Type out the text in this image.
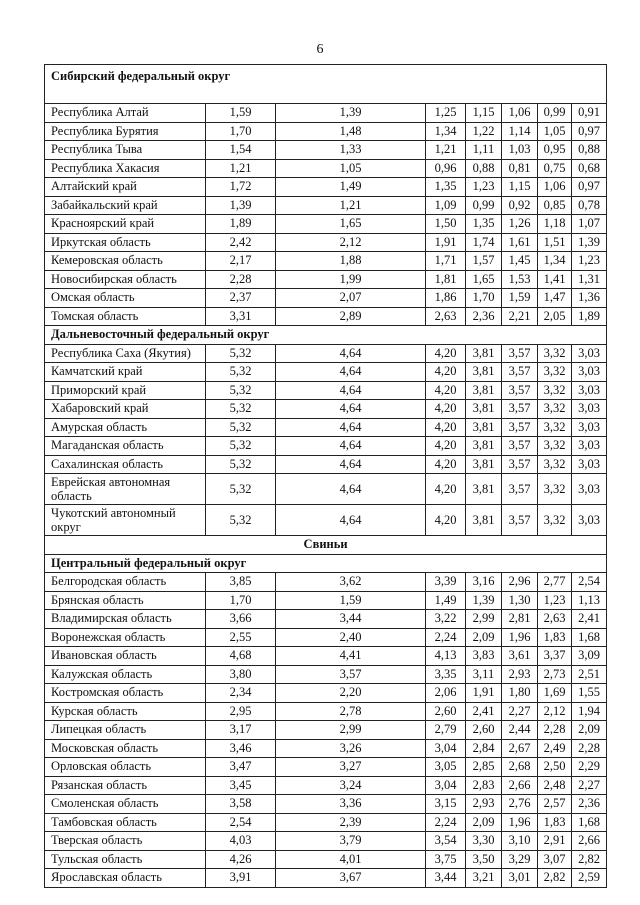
6
Сибирский федеральный округ							
Республика Алтай	1,59	1,39	1,25	1,15	1,06	0,99	0,91
Республика Бурятия	1,70	1,48	1,34	1,22	1,14	1,05	0,97
Республика Тыва	1,54	1,33	1,21	1,11	1,03	0,95	0,88
Республика Хакасия	1,21	1,05	0,96	0,88	0,81	0,75	0,68
Алтайский край	1,72	1,49	1,35	1,23	1,15	1,06	0,97
Забайкальский край	1,39	1,21	1,09	0,99	0,92	0,85	0,78
Красноярский край	1,89	1,65	1,50	1,35	1,26	1,18	1,07
Иркутская область	2,42	2,12	1,91	1,74	1,61	1,51	1,39
Кемеровская область	2,17	1,88	1,71	1,57	1,45	1,34	1,23
Новосибирская область	2,28	1,99	1,81	1,65	1,53	1,41	1,31
Омская область	2,37	2,07	1,86	1,70	1,59	1,47	1,36
Томская область	3,31	2,89	2,63	2,36	2,21	2,05	1,89
Дальневосточный федеральный округ							
Республика Саха (Якутия)	5,32	4,64	4,20	3,81	3,57	3,32	3,03
Камчатский край	5,32	4,64	4,20	3,81	3,57	3,32	3,03
Приморский край	5,32	4,64	4,20	3,81	3,57	3,32	3,03
Хабаровский край	5,32	4,64	4,20	3,81	3,57	3,32	3,03
Амурская область	5,32	4,64	4,20	3,81	3,57	3,32	3,03
Магаданская область	5,32	4,64	4,20	3,81	3,57	3,32	3,03
Сахалинская область	5,32	4,64	4,20	3,81	3,57	3,32	3,03
Еврейская автономная область	5,32	4,64	4,20	3,81	3,57	3,32	3,03
Чукотский автономный округ	5,32	4,64	4,20	3,81	3,57	3,32	3,03
Свиньи							
Центральный федеральный округ							
Белгородская область	3,85	3,62	3,39	3,16	2,96	2,77	2,54
Брянская область	1,70	1,59	1,49	1,39	1,30	1,23	1,13
Владимирская область	3,66	3,44	3,22	2,99	2,81	2,63	2,41
Воронежская область	2,55	2,40	2,24	2,09	1,96	1,83	1,68
Ивановская область	4,68	4,41	4,13	3,83	3,61	3,37	3,09
Калужская область	3,80	3,57	3,35	3,11	2,93	2,73	2,51
Костромская область	2,34	2,20	2,06	1,91	1,80	1,69	1,55
Курская область	2,95	2,78	2,60	2,41	2,27	2,12	1,94
Липецкая область	3,17	2,99	2,79	2,60	2,44	2,28	2,09
Московская область	3,46	3,26	3,04	2,84	2,67	2,49	2,28
Орловская область	3,47	3,27	3,05	2,85	2,68	2,50	2,29
Рязанская область	3,45	3,24	3,04	2,83	2,66	2,48	2,27
Смоленская область	3,58	3,36	3,15	2,93	2,76	2,57	2,36
Тамбовская область	2,54	2,39	2,24	2,09	1,96	1,83	1,68
Тверская область	4,03	3,79	3,54	3,30	3,10	2,91	2,66
Тульская область	4,26	4,01	3,75	3,50	3,29	3,07	2,82
Ярославская область	3,91	3,67	3,44	3,21	3,01	2,82	2,59
